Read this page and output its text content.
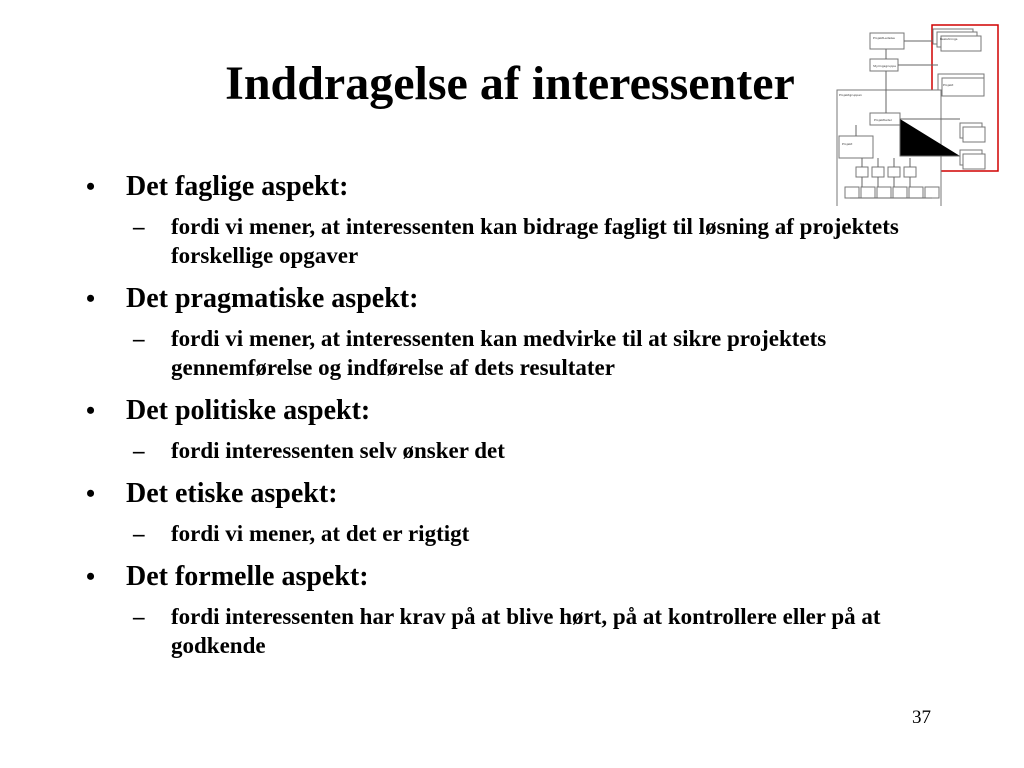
Inddragelse af interessenter
ProjektLedelse
Styringsgruppe
Beslutnings
Projekt
Projektgruppen
Projektleder
Projekt
•	Det faglige aspekt:
–	fordi vi mener, at interessenten kan bidrage fagligt til løsning af projektets forskellige opgaver
•	Det pragmatiske aspekt:
–	fordi vi mener, at interessenten kan medvirke til at sikre projektets gennemførelse og indførelse af dets resultater
•	Det politiske aspekt:
–	fordi interessenten selv ønsker det
•	Det etiske aspekt:
–	fordi vi mener, at det er rigtigt
•	Det formelle aspekt:
–	fordi interessenten har krav på at blive hørt, på at kontrollere eller på at godkende
37
